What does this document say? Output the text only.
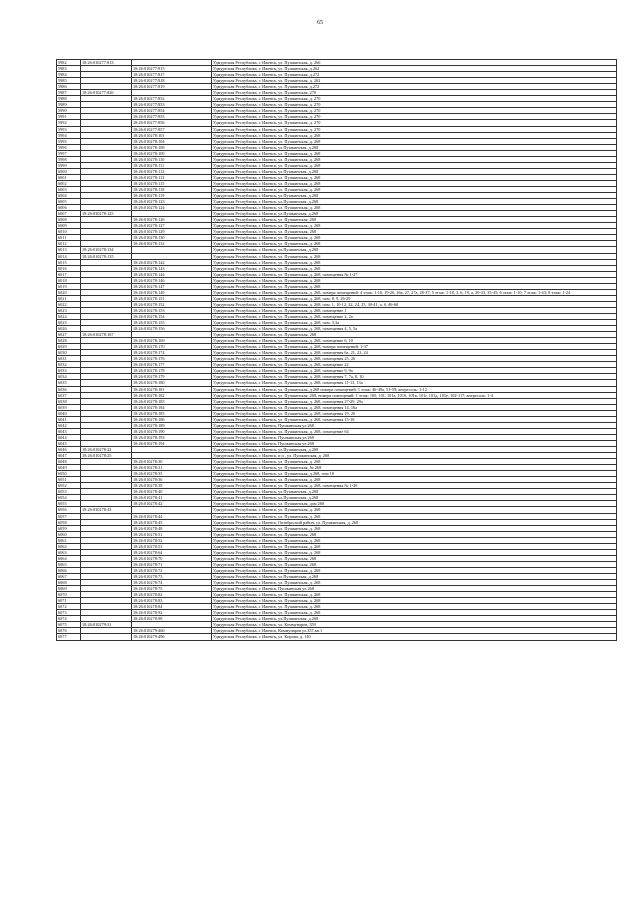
65
5982	18:26:010277:813		Удмуртская Республика, г. Ижевск, ул. Пушкинская, д. 266
5983		18:26:010277:815	Удмуртская Республика, г. Ижевск, ул. Пушкинская, д.262
5984		18:26:010277:817	Удмуртская Республика, г. Ижевск, ул. Пушкинская, д.272
5985		18:26:010277:818	Удмуртская Республика, г. Ижевск, ул. Пушкинская, д. 262
5986		18:26:010277:819	Удмуртская Республика, г. Ижевск, ул. Пушкинская, д.272
5987	18:26:010277:826		Удмуртская Республика, г. Ижевск, ул. Пушкинская, 270
5988		18:26:010277:852	Удмуртская Республика, г. Ижевск, ул. Пушкинская, д. 270
5989		18:26:010277:853	Удмуртская Республика, г. Ижевск, ул. Пушкинская, д. 270
5990		18:26:010277:854	Удмуртская Республика, г. Ижевск, ул. Пушкинская, д. 270
5991		18:26:010277:855	Удмуртская Республика, г. Ижевск, ул. Пушкинская, д. 270
5992		18:26:010277:856	Удмуртская Республика, г. Ижевск, ул. Пушкинская, д. 270
5993		18:26:010277:857	Удмуртская Республика, г. Ижевск, ул. Пушкинская, д. 270
5994		18:26:010278:101	Удмуртская Республика, г. Ижевск, ул. Пушкинская, д. 268
5995		18:26:010278:104	Удмуртская Республика, г. Ижевск, ул. Пушкинская, д. 268
5996		18:26:010278:108	Удмуртская Республика, г. Ижевск, ул.Пушкинская, д.268
5997		18:26:010278:109	Удмуртская Республика, г. Ижевск, ул. Пушкинская, д. 268
5998		18:26:010278:110	Удмуртская Республика, г. Ижевск, ул. Пушкинская, д. 268
5999		18:26:010278:111	Удмуртская Республика, г. Ижевск, ул. Пушкинская, д. 268
6000		18:26:010278:112	Удмуртская Республика, г. Ижевск, ул.Пушкинская, д.268
6001		18:26:010278:113	Удмуртская Республика, г. Ижевск, ул. Пушкинская, д. 268
6002		18:26:010278:115	Удмуртская Республика, г. Ижевск, ул. Пушкинская, д. 268
6003		18:26:010278:118	Удмуртская Республика, г. Ижевск, ул. Пушкинская, д. 268
6004		18:26:010278:119	Удмуртская Республика, г. Ижевск, ул.Пушкинская, д.268
6005		18:26:010278:123	Удмуртская Республика, г. Ижевск, ул.Пушкинская, д.268
6006		18:26:010278:124	Удмуртская Республика, г. Ижевск, ул. Пушкинская, д. 268
6007	18:26:010278:125		Удмуртская Республика, г. Ижевск, ул.Пушкинская, д.268
6008		18:26:010278:126	Удмуртская Республика, г. Ижевск, ул. Пушкинская, 268
6009		18:26:010278:127	Удмуртская Республика, г. Ижевск, ул. Пушкинская, д. 268
6010		18:26:010278:129	Удмуртская Республика, г. Ижевск, ул. Пушкинская, 268
6011		18:26:010278:130	Удмуртская Республика, г. Ижевск, ул. Пушкинская, д. 268
6012		18:26:010278:132	Удмуртская Республика, г. Ижевск, ул. Пушкинская, д. 268
6013	18:26:010278:134		Удмуртская Республика, г. Ижевск, ул.Пушкинская, д.268
6014	18:26:010278:135		Удмуртская Республика, г. Ижевск, ул. Пушкинская, д. 268
6015		18:26:010278:142	Удмуртская Республика, г. Ижевск, ул. Пушкинская, д. 268
6016		18:26:010278:143	Удмуртская Республика, г. Ижевск, ул. Пушкинская, д. 268
6017		18:26:010278:144	Удмуртская Республика, г. Ижевск, ул. Пушкинская, д. 268, помещения № 1-27
6018		18:26:010278:146	Удмуртская Республика, г. Ижевск, ул. Пушкинская, д. 268
6019		18:26:010278:147	Удмуртская Республика, г. Ижевск, ул. Пушкинская, д. 268
6020		18:26:010278:149	Удмуртская Республика, г. Ижевск, ул. Пушкинская, д. 268, номера помещений: 4 этаж: 1-16, 19-26, 26а, 27, 27а, 28-37; 5 этаж: 1-18, 3, 6, 19, а, 20-33, 35-45; 6 этаж: 1-10; 7 этаж: 1-43; 8 этаж: 1-24
6021		18:26:010278:151	Удмуртская Республика, г. Ижевск, ул. Пушкинская, д. 268, пом. 8, 9, 26-29
6022		18:26:010278:152	Удмуртская Республика, г. Ижевск, ул. Пушкинская, д. 268, пом. 1, 10-12, 22, 24, 25, 30-41, а, б, 46-60
6023		18:26:010278:153	Удмуртская Республика, г. Ижевск, ул. Пушкинская, д. 268, помещение 1
6024		18:26:010278:154	Удмуртская Республика, г. Ижевск, ул. Пушкинская, д. 268, помещение 2, 2а
6025		18:26:010278:155	Удмуртская Республика, г. Ижевск, ул. Пушкинская, д. 268, пом. 3,3а
6026		18:26:010278:156	Удмуртская Республика, г. Ижевск, ул. Пушкинская, д. 268, помещения 4, 5, 5а
6027	18:26:010278:167		Удмуртская Республика, г. Ижевск, ул. Пушкинская, 268
6028		18:26:010278:169	Удмуртская Республика, г. Ижевск, ул. Пушкинская, д. 268, помещение 6, 10
6029		18:26:010278:170	Удмуртская Республика, г. Ижевск, ул. Пушкинская, д. 268, номера помещений: 1-37
6030		18:26:010278:174	Удмуртская Республика, г. Ижевск, ул. Пушкинская, д. 268, помещения 6а, 21, 23, 24
6031		18:26:010278:176	Удмуртская Республика, г. Ижевск, ул. Пушкинская, д. 268, помещения 25, 26
6032		18:26:010278:177	Удмуртская Республика, г. Ижевск, ул. Пушкинская, д. 268, помещение 22
6033		18:26:010278:178	Удмуртская Республика, г. Ижевск, ул. Пушкинская, д. 268, помещение 9, 9а
6034		18:26:010278:179	Удмуртская Республика, г. Ижевск, ул. Пушкинская, д. 268, помещения 7, 7а, 8, 10
6035		18:26:010278:180	Удмуртская Республика, г. Ижевск, ул. Пушкинская, д. 268, помещения 11-13, 13а
6036		18:26:010278:181	Удмуртская Республика, г. Ижевск, ул. Пушкинская, д.268 номера помещений: 1 этаж: 46-49а, 51-59; антресоль: 1-12
6037		18:26:010278:182	Удмуртская Республика, г. Ижевск, ул. Пушкинская, 268, номера помещений: 1 этаж: 100, 101, 101а, 101б, 101в, 101г, 101д, 101е, 102-117; антресоль: 1-4
6038		18:26:010278:183	Удмуртская Республика, г. Ижевск, ул. Пушкинская, д. 268, помещения 27-29, 29а
6039		18:26:010278:184	Удмуртская Республика, г. Ижевск, ул. Пушкинская, д. 268, помещения 14, 16а
6040		18:26:010278:185	Удмуртская Республика, г. Ижевск, ул. Пушкинская, д. 268, помещения 19, 20
6041		18:26:010278:186	Удмуртская Республика, г. Ижевск, ул. Пушкинская, д. 268, помещения 15-18
6042		18:26:010278:189	Удмуртская Республика, г. Ижевск, Пушкинская ул.268
6043		18:26:010278:190	Удмуртская Республика, г. Ижевск, ул. Пушкинская, д. 268, помещение 64
6044		18:26:010278:193	Удмуртская Республика, г. Ижевск, Пушкинская ул.268
6045		18:26:010278:194	Удмуртская Республика, г. Ижевск, Пушкинская ул.268
6046	18:26:010278:22		Удмуртская Республика, г. Ижевск, ул.Пушкинская, д.268
6047	18:26:010278:25		Удмуртская Республика, г. Ижевск, и п , ул. Пушкинская, д. 268
6048		18:26:010278:30	Удмуртская Республика, г. Ижевск, ул. Пушкинская, д. 268
6049		18:26:010278:31	Удмуртская Республика, г. Ижевск, ул. Пушкинская, № 268
6050		18:26:010278:35	Удмуртская Республика, г. Ижевск, ул. Пушкинская, д.268, пом 18
6051		18:26:010278:36	Удмуртская Республика, г. Ижевск, ул. Пушкинская, д. 268
6052		18:26:010278:39	Удмуртская Республика, г. Ижевск, ул. Пушкинская, д. 268, помещения № 1-26
6053		18:26:010278:40	Удмуртская Республика, г. Ижевск, ул.Пушкинская, д.268
6054		18:26:010278:41	Удмуртская Республика, г. Ижевск, ул.Пушкинская, д.268
6055		18:26:010278:42	Удмуртская Республика, г. Ижевск, ул. Пушкинская, дом 268
6056	18:26:010278:43		Удмуртская Республика, г. Ижевск, ул. Пушкинская, д. 268
6057		18:26:010278:44	Удмуртская Республика, г. Ижевск, ул. Пушкинская, д. 268
6058		18:26:010278:45	Удмуртская Республика, г. Ижевск, Октябрьский район, ул. Пушкинская, д. 268
6059		18:26:010278:48	Удмуртская Республика, г. Ижевск, ул. Пушкинская, д. 268
6060		18:26:010278:51	Удмуртская Республика, г. Ижевск, ул. Пушкинская, 268
6061		18:26:010278:52	Удмуртская Республика, г. Ижевск, ул. Пушкинская, д. 268
6062		18:26:010278:53	Удмуртская Республика, г. Ижевск, ул. Пушкинская, д. 268
6063		18:26:010278:64	Удмуртская Республика, г. Ижевск, ул. Пушкинская, д. 268
6064		18:26:010278:70	Удмуртская Республика, г. Ижевск, ул. Пушкинская, 268
6065		18:26:010278:71	Удмуртская Республика, г. Ижевск, ул. Пушкинская, 268
6066		18:26:010278:72	Удмуртская Республика, г. Ижевск, ул. Пушкинская, д. 268
6067		18:26:010278:73	Удмуртская Республика, г. Ижевск, ул.Пушкинская, д.268
6068		18:26:010278:74	Удмуртская Республика, г. Ижевск, ул. Пушкинская, д. 268
6069		18:26:010278:75	Удмуртская Республика, г. Ижевск, Пушкинская ул.268
6070		18:26:010278:82	Удмуртская Республика, г. Ижевск, ул. Пушкинская, д. 268
6071		18:26:010278:83	Удмуртская Республика, г. Ижевск, ул. Пушкинская, д. 268
6072		18:26:010278:84	Удмуртская Республика, г. Ижевск, ул. Пушкинская, д. 268
6073		18:26:010278:92	Удмуртская Республика, г. Ижевск, ул. Пушкинская, д. 268
6074		18:26:010278:98	Удмуртская Республика, г. Ижевск, ул.Пушкинская, д.268
6075	18:26:010279:31		Удмуртская Республика, г. Ижевск, ул. Коммунаров, 359
6076		18:26:010279:460	Удмуртская Республика, г. Ижевск, Коммунаров ул.357,кв.1
6077		18:26:010279:496	Удмуртская Республика, г. Ижевск, ул. Кирова, д. 140
